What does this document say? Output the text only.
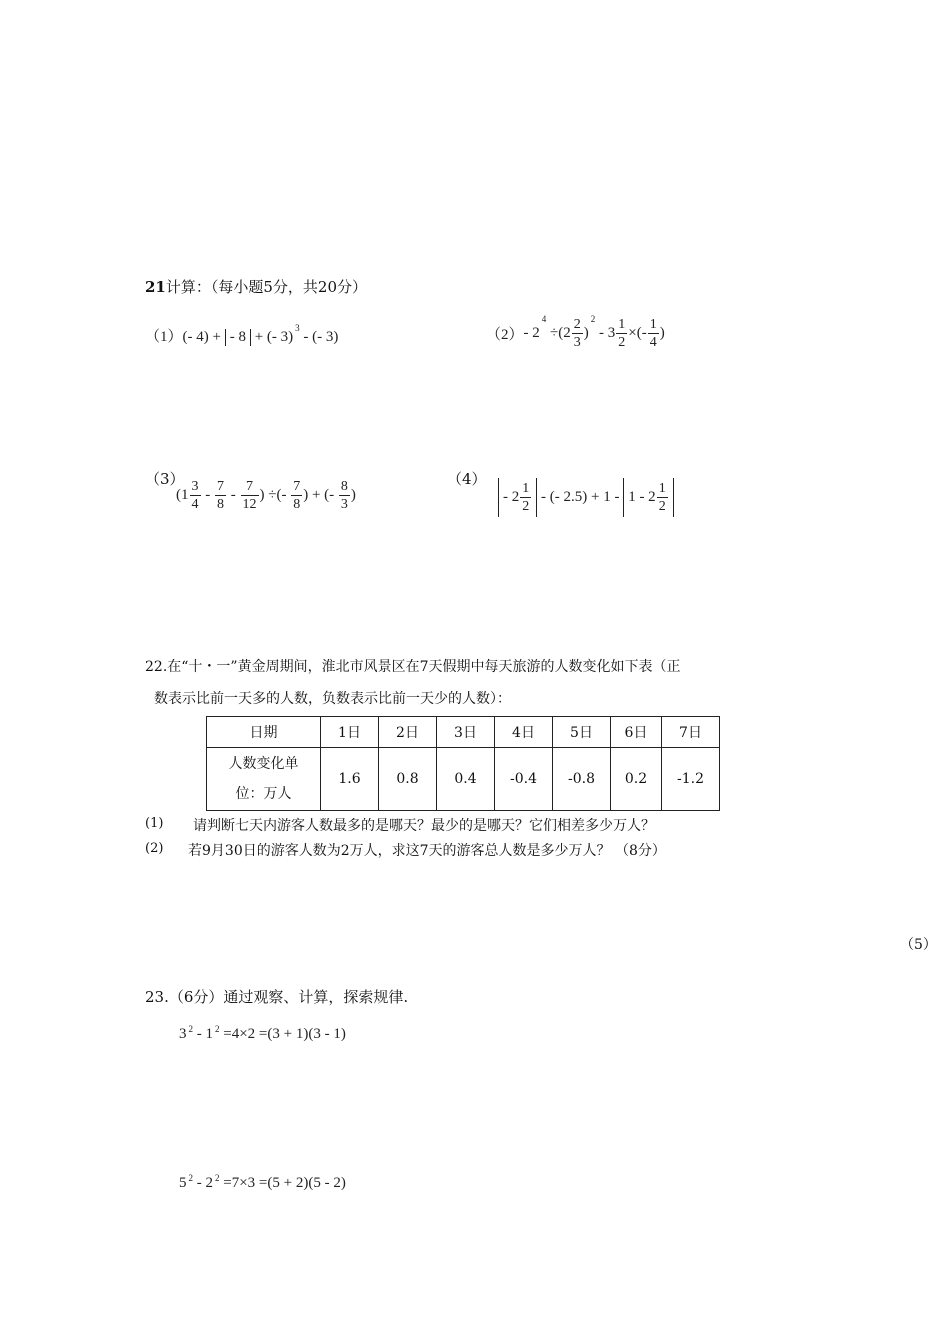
21计算：（每小题5分，共20分）
（1）(- 4) + - 8 + (- 3)$^3$ - (- 3)	（2）- $2^4 \div(2 \frac{2}{3} )^2 - 3 \frac{1}{2}$ ×(- $\frac{1}{4}$ )
（3）
($1 \frac{3}{4} - \frac{7}{8} - \frac{7}{12}$ ) ÷(- $\frac{7}{8}$ ) + (- $\frac{8}{3}$ )
（4）
- $2 \frac{1}{2}$ - (- $2.5) + 1 - 1 - 2 \frac{1}{2}$
22.在“十・一”黄金周期间，淮北市风景区在7天假期中每天旅游的人数变化如下表（正
数表示比前一天多的人数，负数表示比前一天少的人数）：
日期	1日	2日	3日	4日	5日	6日	7日

人数变化单
位：万人	1.6	0.8	0.4	-0.4	-0.8	0.2	-1.2
(1) 请判断七天内游客人数最多的是哪天？最少的是哪天？它们相差多少万人？
(2) 若9月30日的游客人数为2万人，求这7天的游客总人数是多少万人？ （8分）
（5）
23.（6分）通过观察、计算，探索规律.
3 $^2$ - 1 $^2$ =4×2 =(3 + 1)(3 - 1)
5 $^2$ - 2 $^2$ =7×3 =(5 + 2)(5 - 2)
